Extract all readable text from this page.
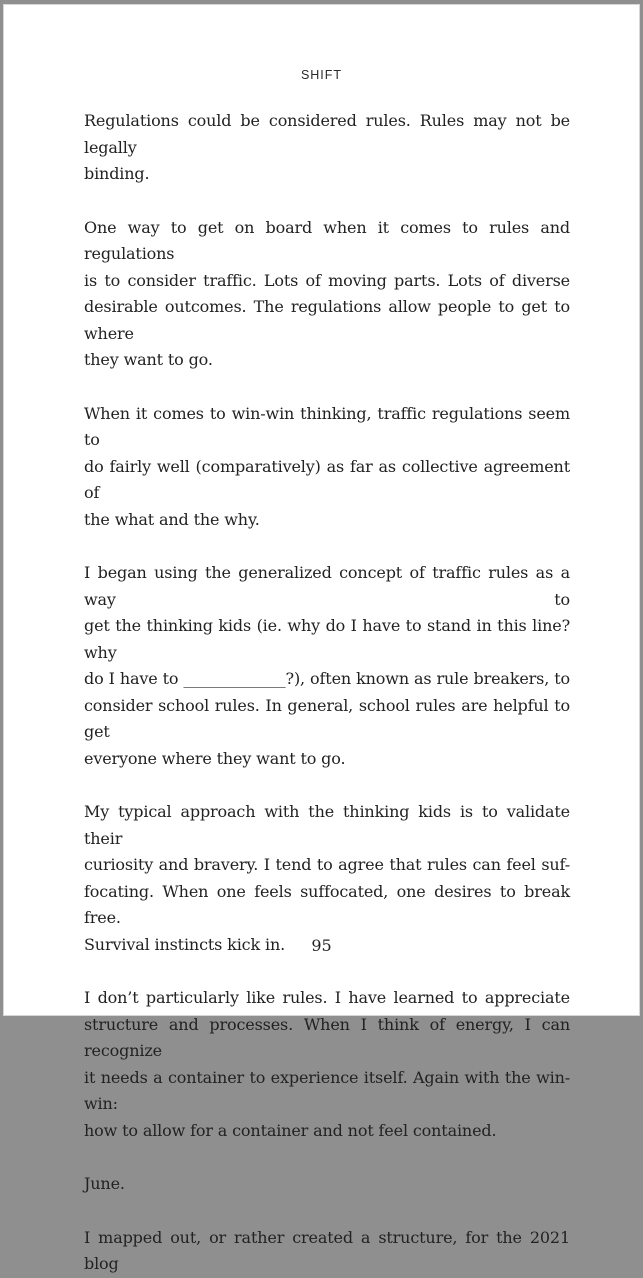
SHIFT
Regulations could be considered rules. Rules may not be legally
binding.
One way to get on board when it comes to rules and regulations
is to consider traffic. Lots of moving parts. Lots of diverse
desirable outcomes. The regulations allow people to get to where
they want to go.
When it comes to win-win thinking, traffic regulations seem to
do fairly well (comparatively) as far as collective agreement of
the what and the why.
I began using the generalized concept of traffic rules as a way to
get the thinking kids (ie. why do I have to stand in this line? why
do I have to _____________?), often known as rule breakers, to
consider school rules. In general, school rules are helpful to get
everyone where they want to go.
My typical approach with the thinking kids is to validate their
curiosity and bravery. I tend to agree that rules can feel suf-
focating. When one feels suffocated, one desires to break free.
Survival instincts kick in.
I don’t particularly like rules. I have learned to appreciate
structure and processes. When I think of energy, I can recognize
it needs a container to experience itself. Again with the win-win:
how to allow for a container and not feel contained.
June.
I mapped out, or rather created a structure, for the 2021 blog
95
